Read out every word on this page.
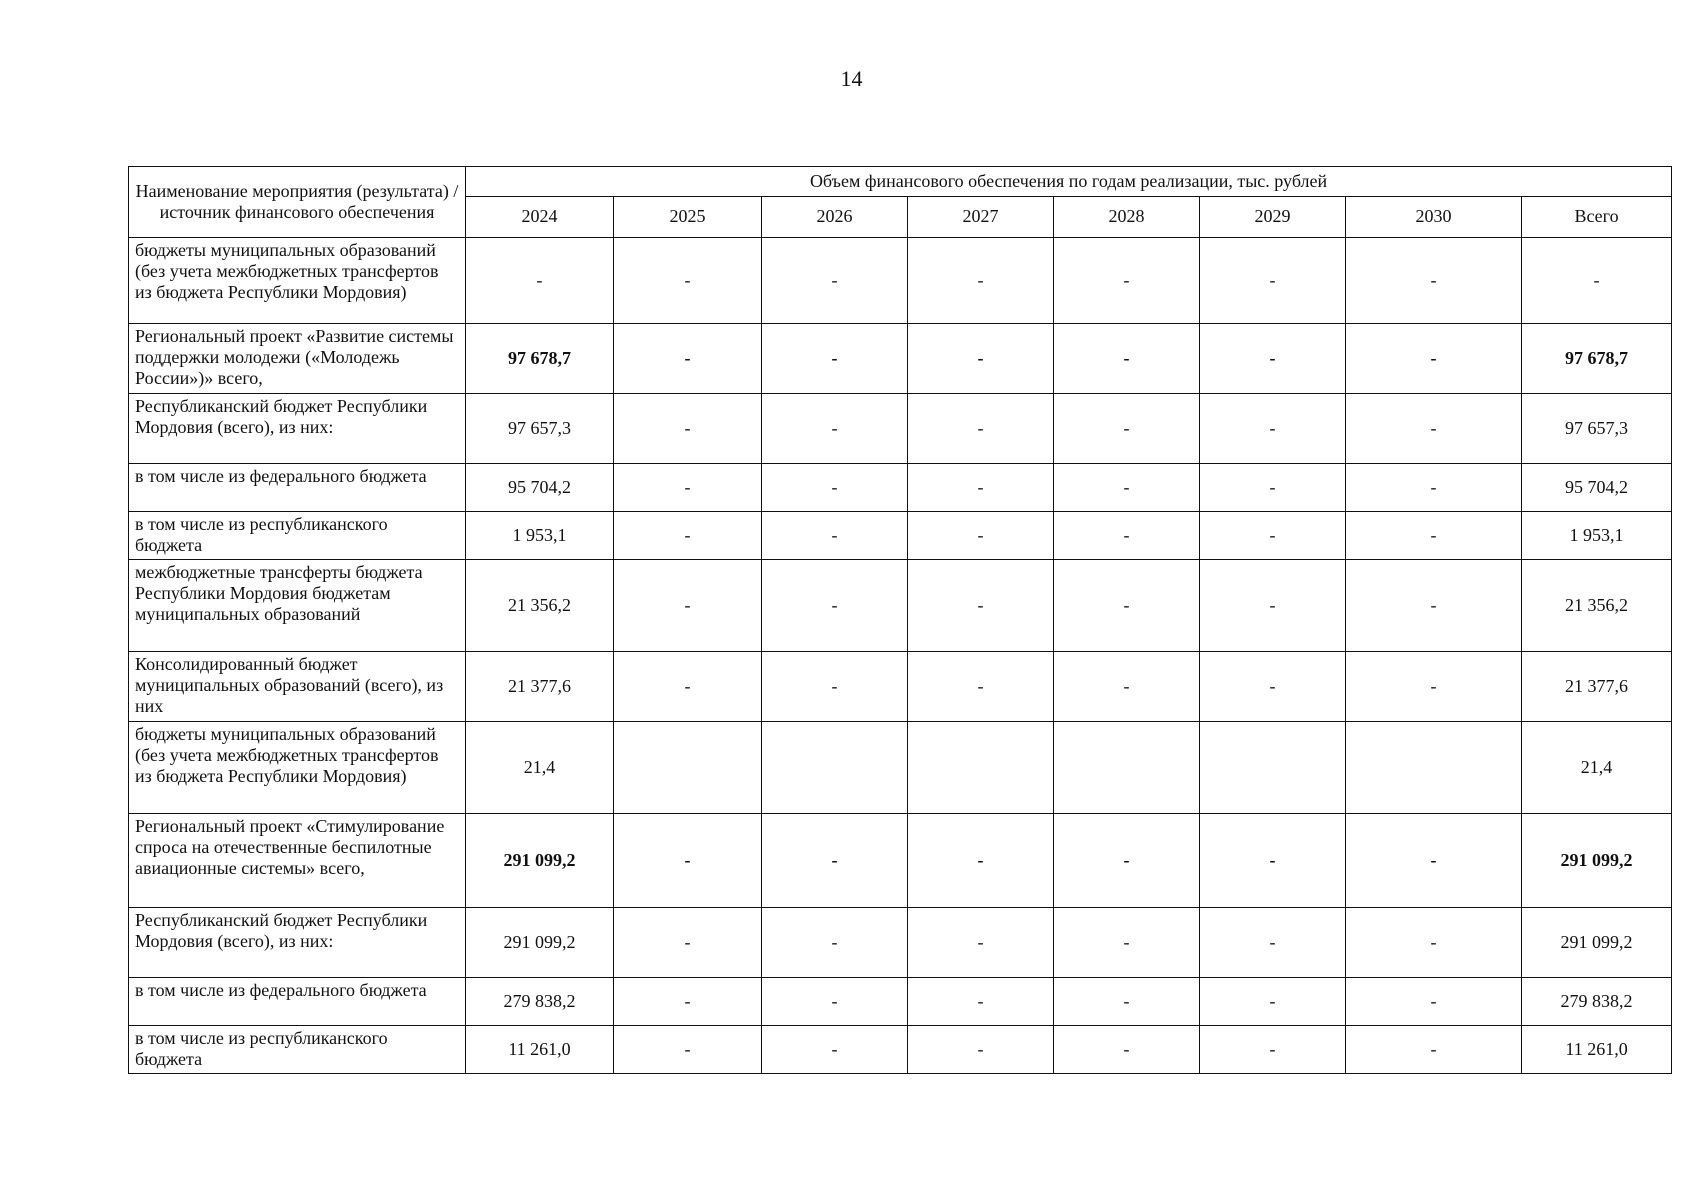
14
Наименование мероприятия (результата) / источник финансового обеспечения	Объем финансового обеспечения по годам реализации, тыс. рублей							
	2024	2025	2026	2027	2028	2029	2030	Всего
бюджеты муниципальных образований (без учета межбюджетных трансфертов из бюджета Республики Мордовия)	-	-	-	-	-	-	-	-
Региональный проект «Развитие системы поддержки молодежи («Молодежь России»)» всего,	97 678,7	-	-	-	-	-	-	97 678,7
Республиканский бюджет Республики Мордовия (всего), из них:	97 657,3	-	-	-	-	-	-	97 657,3
в том числе из федерального бюджета	95 704,2	-	-	-	-	-	-	95 704,2
в том числе из республиканского бюджета	1 953,1	-	-	-	-	-	-	1 953,1
межбюджетные трансферты бюджета Республики Мордовия бюджетам муниципальных образований	21 356,2	-	-	-	-	-	-	21 356,2
Консолидированный бюджет муниципальных образований (всего), из них	21 377,6	-	-	-	-	-	-	21 377,6
бюджеты муниципальных образований (без учета межбюджетных трансфертов из бюджета Республики Мордовия)	21,4							21,4
Региональный проект «Стимулирование спроса на отечественные беспилотные авиационные системы» всего,	291 099,2	-	-	-	-	-	-	291 099,2
Республиканский бюджет Республики Мордовия (всего), из них:	291 099,2	-	-	-	-	-	-	291 099,2
в том числе из федерального бюджета	279 838,2	-	-	-	-	-	-	279 838,2
в том числе из республиканского бюджета	11 261,0	-	-	-	-	-	-	11 261,0
